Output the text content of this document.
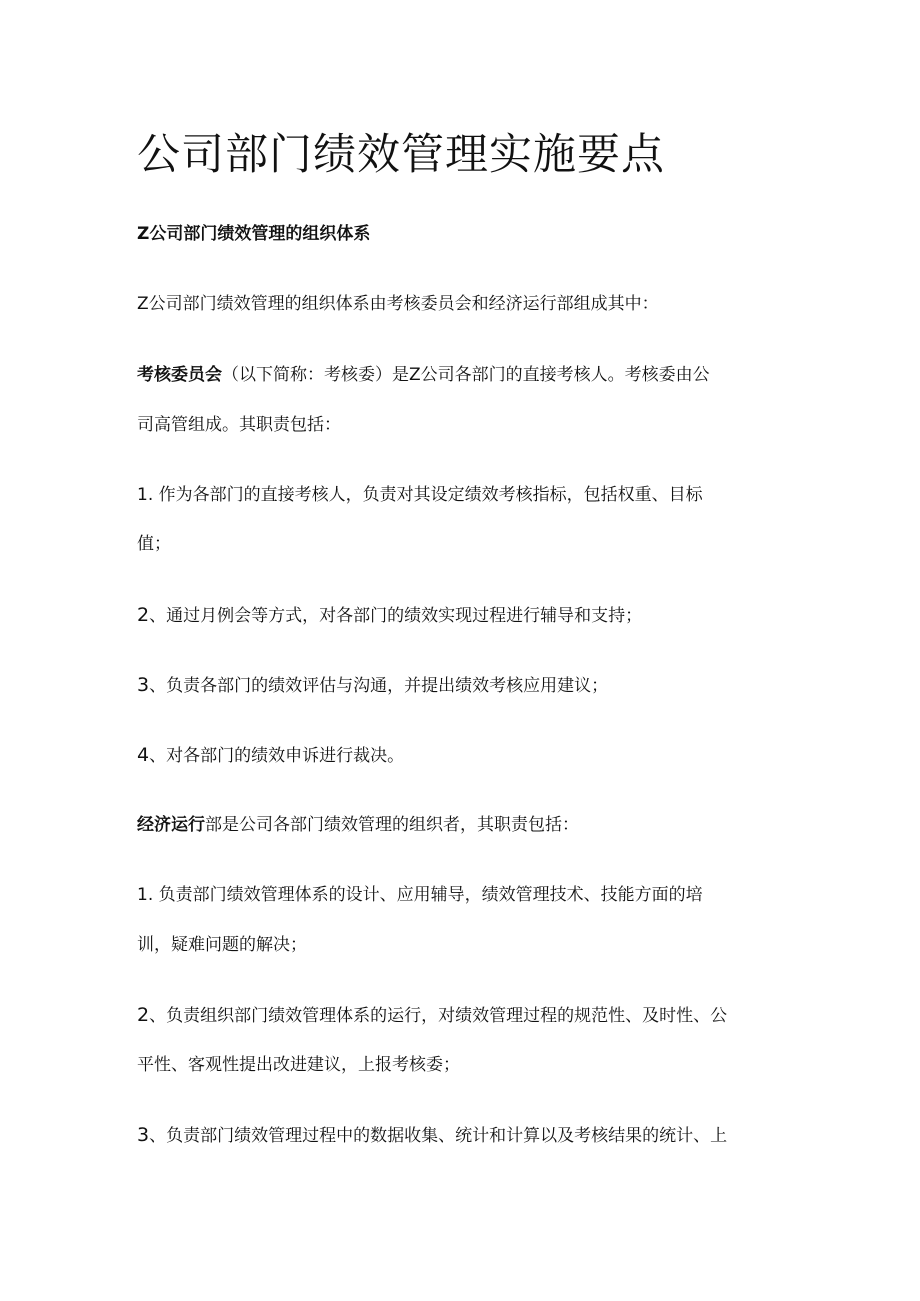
公司部门绩效管理实施要点

Z公司部门绩效管理的组织体系

Z公司部门绩效管理的组织体系由考核委员会和经济运行部组成其中：

考核委员会（以下简称：考核委）是Z公司各部门的直接考核人。考核委由公

司高管组成。其职责包括：

1. 作为各部门的直接考核人，负责对其设定绩效考核指标，包括权重、目标

值；

2、通过月例会等方式，对各部门的绩效实现过程进行辅导和支持；

3、负责各部门的绩效评估与沟通，并提出绩效考核应用建议；

4、对各部门的绩效申诉进行裁决。

经济运行部是公司各部门绩效管理的组织者，其职责包括：

1. 负责部门绩效管理体系的设计、应用辅导，绩效管理技术、技能方面的培

训，疑难问题的解决；

2、负责组织部门绩效管理体系的运行，对绩效管理过程的规范性、及时性、公

平性、客观性提出改进建议，上报考核委；

3、负责部门绩效管理过程中的数据收集、统计和计算以及考核结果的统计、上
